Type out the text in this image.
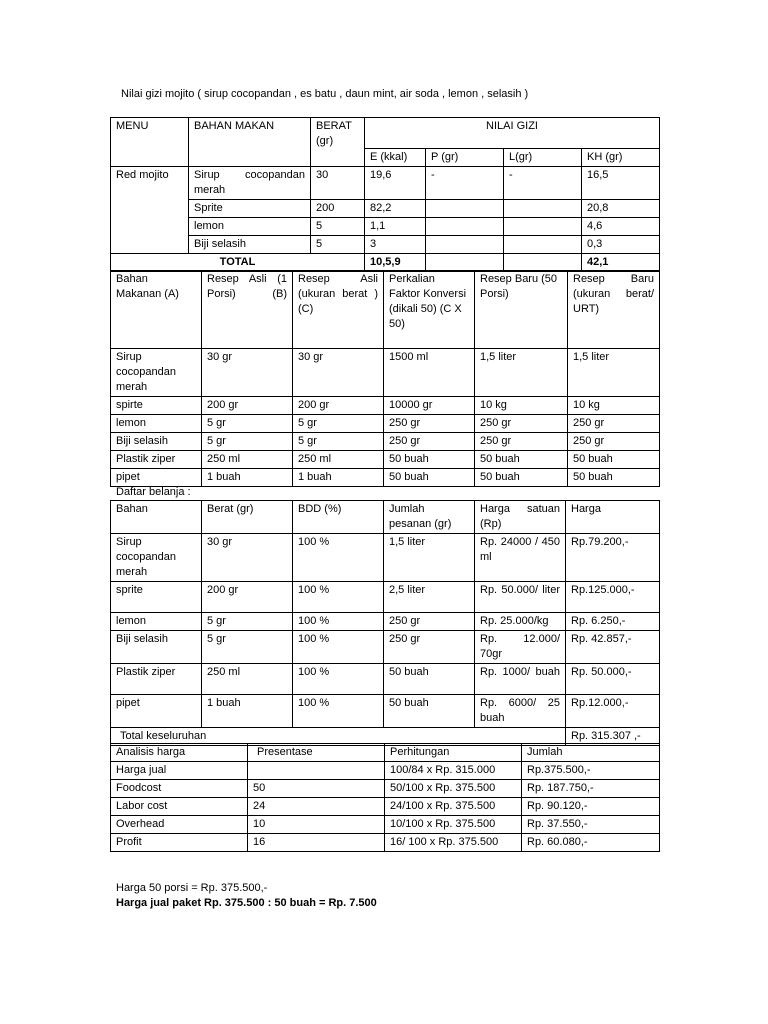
Nilai gizi mojito ( sirup cocopandan , es batu , daun mint, air soda , lemon , selasih )
MENU	BAHAN MAKAN	BERAT (gr)	NILAI GIZI			
			E (kkal)	P (gr)	L(gr)	KH (gr)
Red mojito	Sirup cocopandan merah	30	19,6	-	-	16,5
	Sprite	200	82,2			20,8
	lemon	5	1,1			4,6
	Biji selasih	5	3			0,3
TOTAL			10,5,9			42,1
Bahan Makanan (A)	Resep Asli (1 Porsi) (B)	Resep Asli (ukuran berat )(C)	Perkalian Faktor Konversi (dikali 50) (C X 50)	Resep Baru (50 Porsi)	Resep Baru (ukuran berat/ URT)
Sirup cocopandan merah	30 gr	30 gr	1500 ml	1,5 liter	1,5 liter
spirte	200 gr	200 gr	10000 gr	10 kg	10 kg
lemon	5 gr	5 gr	250 gr	250 gr	250 gr
Biji selasih	5 gr	5 gr	250 gr	250 gr	250 gr
Plastik ziper	250 ml	250 ml	50 buah	50 buah	50 buah
pipet	1 buah	1 buah	50 buah	50 buah	50 buah
Daftar belanja :
Bahan	Berat (gr)	BDD (%)	Jumlah pesanan (gr)	Harga satuan (Rp)	Harga
Sirup cocopandan merah	30 gr	100 %	1,5 liter	Rp. 24000 / 450 ml	Rp.79.200,-
sprite	200 gr	100 %	2,5 liter	Rp. 50.000/ liter	Rp.125.000,-
lemon	5 gr	100 %	250 gr	Rp. 25.000/kg	Rp. 6.250,-
Biji selasih	5 gr	100 %	250 gr	Rp. 12.000/ 70gr	Rp. 42.857,-
Plastik ziper	250 ml	100 %	50 buah	Rp. 1000/ buah	Rp. 50.000,-
pipet	1 buah	100 %	50 buah	Rp. 6000/ 25 buah	Rp.12.000,-
Total keseluruhan					Rp. 315.307 ,-
Analisis harga	Presentase	Perhitungan	Jumlah
Harga jual		100/84 x Rp. 315.000	Rp.375.500,-
Foodcost	50	50/100 x Rp. 375.500	Rp. 187.750,-
Labor cost	24	24/100 x Rp. 375.500	Rp. 90.120,-
Overhead	10	10/100 x Rp. 375.500	Rp. 37.550,-
Profit	16	16/ 100 x Rp. 375.500	Rp. 60.080,-
Harga 50 porsi = Rp. 375.500,-
Harga jual paket Rp. 375.500 : 50 buah = Rp. 7.500
